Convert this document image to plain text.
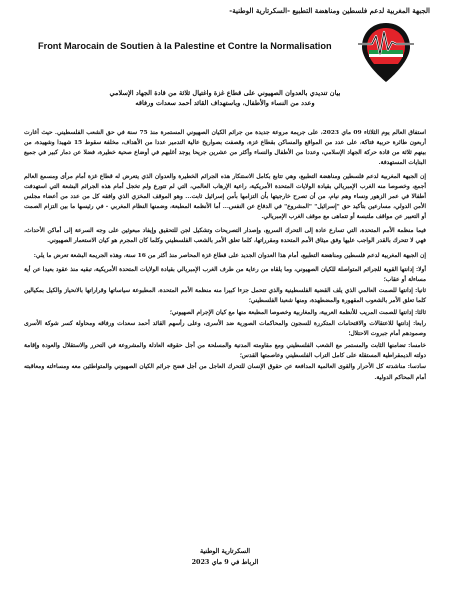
الجبهة المغربية لدعم فلسطين ومناهضة التطبيع -السكرتارية الوطنية-
Front Marocain de Soutien à la Palestine et Contre la Normalisation
بيان تنديدي بالعدوان الصهيوني على قطاع غزة واغتيال ثلاثة من قادة الجهاد الإسلامي
وعدد من النساء والأطفال، وباستهداف القائد أحمد سعدات ورفاقه

استفاق العالم يوم الثلاثاء 09 ماي 2023، على جريمة مروعة جديدة من جرائم الكيان الصهيوني المستمرة منذ 75 سنة في حق الشعب الفلسطيني. حيث أغارت أربعون طائرة حربية فتاكة، على عدد من المواقع والمساكن بقطاع غزة، وقصفت بصواريخ عالية التدمير عددا من الأهداف، مخلفة سقوط 15 شهيدا وشهيدة، من بينهم ثلاثة من قادة حركة الجهاد الإسلامي، وعددا من الأطفال والنساء وأكثر من عشرين جريحا يوجد أغلبهم في أوضاع صحية خطيرة، فضلا عن دمار كبير في جميع البنايات المستهدفة.

إن الجبهة المغربية لدعم فلسطين ومناهضة التطبيع، وهي تتابع بكامل الاستنكار هذه الجرائم الخطيرة والعدوان الذي يتعرض له قطاع غزة أمام مرأى ومسمع العالم أجمع، وخصوصا منه الغرب الإمبريالي بقيادة الولايات المتحدة الأمريكية، راعية الإرهاب العالمي، التي لم تتورع ولم تخجل أمام هذه الجرائم البشعة التي استهدفت أطفالا في عمر الزهور ونساء وهم نيام، من أن تصرح خارجيتها بأن التزامها بأمن إسرائيل ثابت... وهو الموقف المخزي الذي وافقه كل من عدد من أعضاء مجلس الأمن الدولي، مسارعين بتأكيد حق "إسرائيل" "المشروع" في الدفاع عن النفس... أما الأنظمة المطبعة، وضمنها النظام المغربي - في رئيسها ما بين التزام الصمت أو التعبير عن مواقف ملتبسة أو تتماهى مع موقف الغرب الإمبريالي.

فيما منظمة الأمم المتحدة، التي تسارع عادة إلى التحرك السريع، وإصدار التصريحات وتشكيل لجن للتحقيق وإيفاد مبعوثين على وجه السرعة إلى أماكن الأحداث، فهي لا تتحرك بالقدر الواجب عليها وفق ميثاق الأمم المتحدة ومقرراتها، كلما تعلق الأمر بالشعب الفلسطيني وكلما كان المجرم هو كيان الاستعمار الصهيوني.

إن الجبهة المغربية لدعم فلسطين ومناهضة التطبيع، أمام هذا العدوان الجديد على قطاع غزة المحاصر منذ أكثر من 16 سنة، وهذه الجريمة البشعة تعرض ما يلي:

أولا: إدانتها القوية للجرائم المتواصلة للكيان الصهيوني، وما يلقاه من رعاية من طرف الغرب الإمبريالي بقيادة الولايات المتحدة الأمريكية، تبقيه منذ عقود بعيدا عن أية مساءلة أو عقاب؛

ثانيا: إدانتها للصمت العالمي الذي يلف القضية الفلسطينية والذي تتحمل جزءا كبيرا منه منظمة الأمم المتحدة، المطبوعة سياساتها وقراراتها بالانحياز والكيل بمكيالين كلما تعلق الأمر بالشعوب المقهورة والمضطهدة، ومنها شعبنا الفلسطيني؛

ثالثا: إدانتها للصمت المريب للأنظمة العربية، والمغاربية وخصوصا المطبعة منها مع كيان الإجرام الصهيوني؛

رابعا: إدانتها للاعتقالات والاقتحامات المتكررة للسجون والمحاكمات الصورية ضد الأسرى، وعلى رأسهم القائد أحمد سعدات ورفاقه ومحاولة كسر شوكة الأسرى وصمودهم أمام جبروت الاحتلال؛

خامسا: تضامنها الثابت والمستمر مع الشعب الفلسطيني ومع مقاومته المدنية والمسلحة من أجل حقوقه العادلة والمشروعة في التحرر والاستقلال والعودة وإقامة دولته الديمقراطية المستقلة على كامل التراب الفلسطيني وعاصمتها القدس؛

سادسا: مناشدته كل الأحرار والقوى العالمية المدافعة عن حقوق الإنسان للتحرك العاجل من أجل فضح جرائم الكيان الصهيوني والمتواطئين معه ومساءلته ومعاقبته أمام المحاكم الدولية.

السكرتارية الوطنية
الرباط في 9 ماي 2023
